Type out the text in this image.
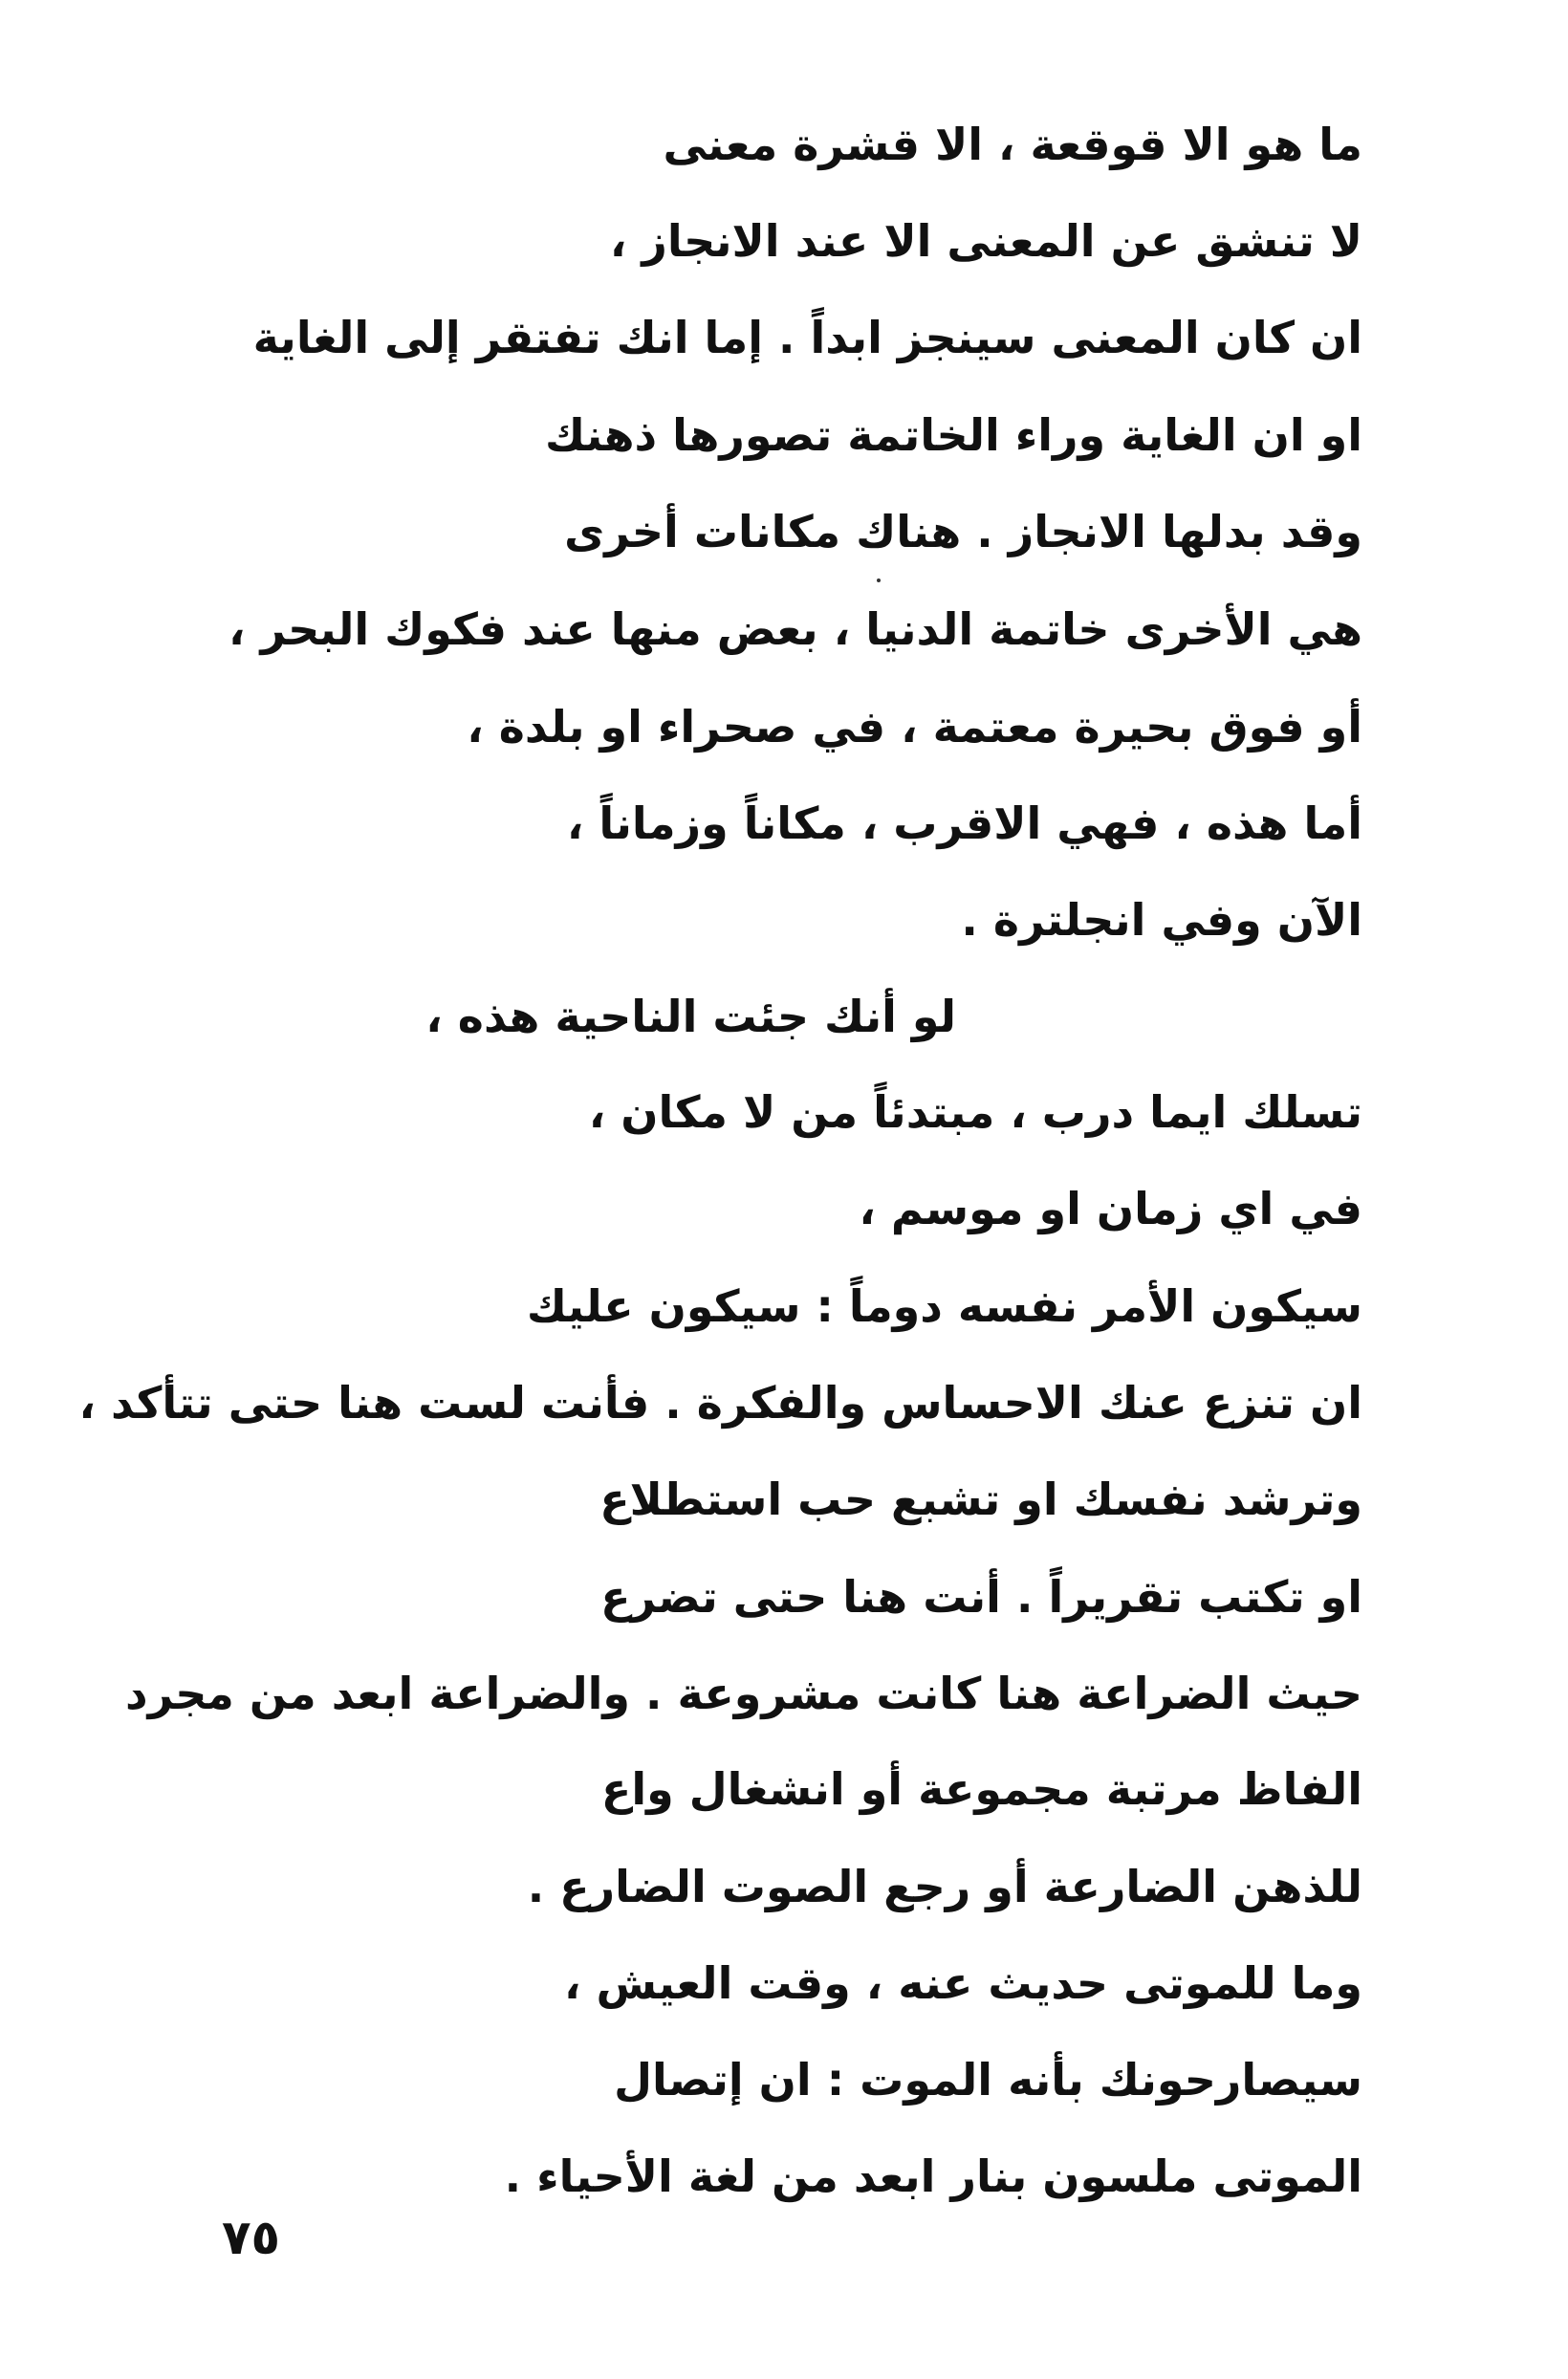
ما هو الا قوقعة ، الا قشرة معنى

لا تنشق عن المعنى الا عند الانجاز ،

ان كان المعنى سينجز ابداً . إما انك تفتقر إلى الغاية

او ان الغاية وراء الخاتمة تصورها ذهنك

وقد بدلها الانجاز . هناك مكانات أخرى

هي الأخرى خاتمة الدنيا ، بعض منها عند فكوك البحر ،

أو فوق بحيرة معتمة ، في صحراء او بلدة ،

أما هذه ، فهي الاقرب ، مكاناً وزماناً ،

الآن وفي انجلترة .

لو أنك جئت الناحية هذه ،

تسلك ايما درب ، مبتدئاً من لا مكان ،

في اي زمان او موسم ،

سيكون الأمر نفسه دوماً : سيكون عليك

ان تنزع عنك الاحساس والفكرة . فأنت لست هنا حتى تتأكد ،

وترشد نفسك او تشبع حب استطلاع

او تكتب تقريراً . أنت هنا حتى تضرع

حيث الضراعة هنا كانت مشروعة . والضراعة ابعد من مجرد

الفاظ مرتبة مجموعة أو انشغال واع

للذهن الضارعة أو رجع الصوت الضارع .

وما للموتى حديث عنه ، وقت العيش ،

سيصارحونك بأنه الموت : ان إتصال

الموتى ملسون بنار ابعد من لغة الأحياء .

٧٥
